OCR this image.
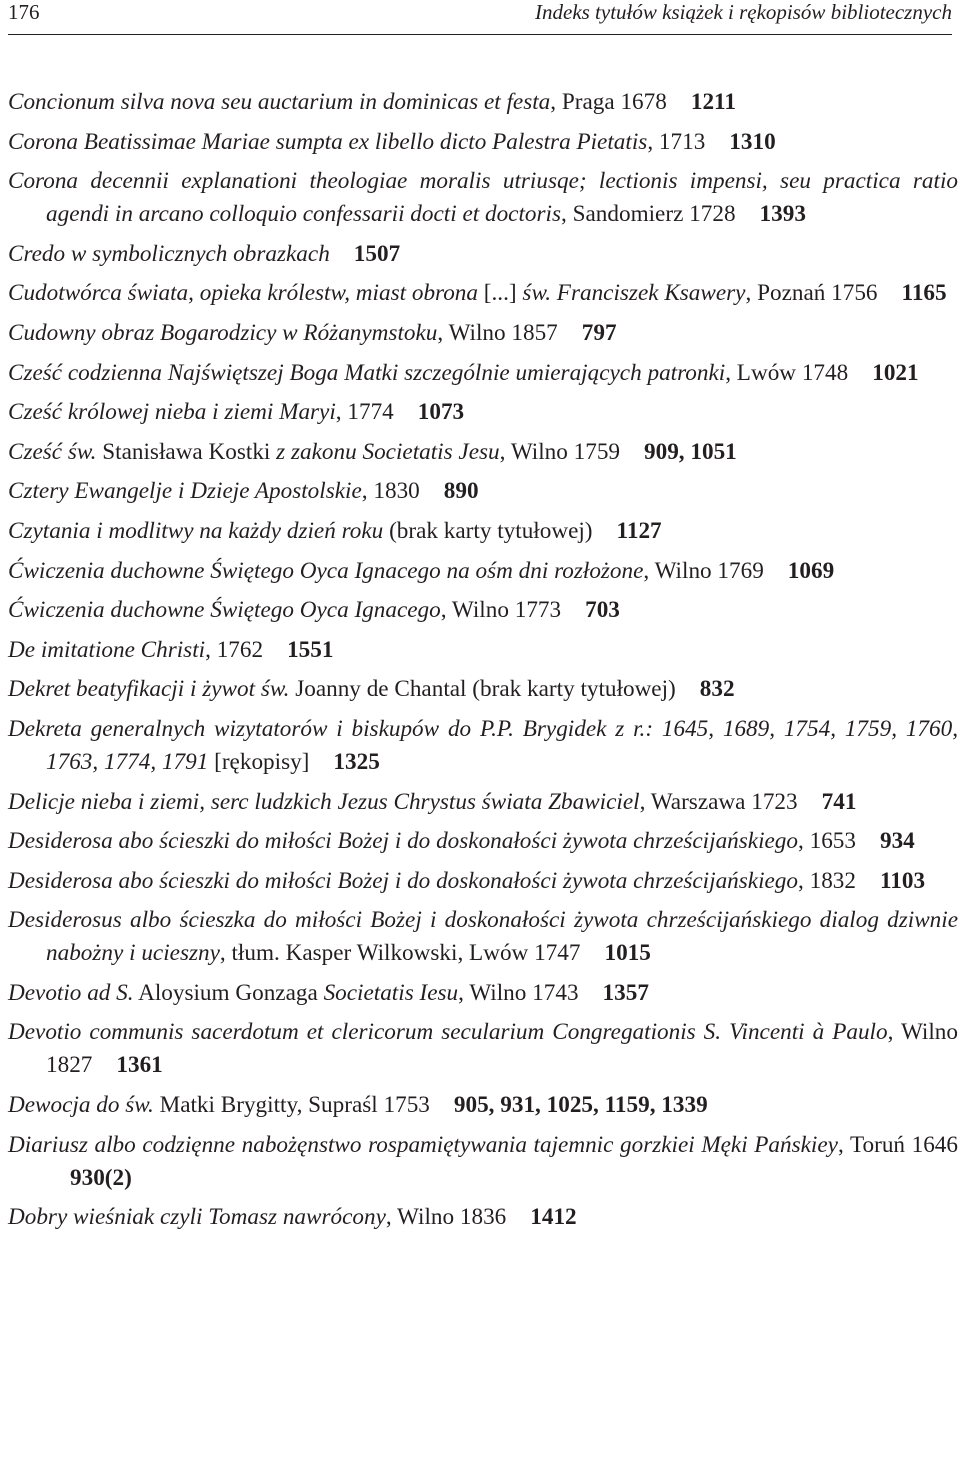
176	Indeks tytułów książek i rękopisów bibliotecznych

Concionum silva nova seu auctarium in dominicas et festa, Praga 1678 1211

Corona Beatissimae Mariae sumpta ex libello dicto Palestra Pietatis, 1713 1310

Corona decennii explanationi theologiae moralis utriusqe; lectionis impensi, seu practica ratio agendi in arcano colloquio confessarii docti et doctoris, Sandomierz 1728 1393

Credo w symbolicznych obrazkach 1507

Cudotwórca świata, opieka królestw, miast obrona [...] św. Franciszek Ksawery, Poznań 1756 1165

Cudowny obraz Bogarodzicy w Różanymstoku, Wilno 1857 797

Cześć codzienna Najświętszej Boga Matki szczególnie umierających patronki, Lwów 1748 1021

Cześć królowej nieba i ziemi Maryi, 1774 1073

Cześć św. Stanisława Kostki z zakonu Societatis Jesu, Wilno 1759 909, 1051

Cztery Ewangelje i Dzieje Apostolskie, 1830 890

Czytania i modlitwy na każdy dzień roku (brak karty tytułowej) 1127

Ćwiczenia duchowne Świętego Oyca Ignacego na ośm dni rozłożone, Wilno 1769 1069

Ćwiczenia duchowne Świętego Oyca Ignacego, Wilno 1773 703

De imitatione Christi, 1762 1551

Dekret beatyfikacji i żywot św. Joanny de Chantal (brak karty tytułowej) 832

Dekreta generalnych wizytatorów i biskupów do P.P. Brygidek z r.: 1645, 1689, 1754, 1759, 1760, 1763, 1774, 1791 [rękopisy] 1325

Delicje nieba i ziemi, serc ludzkich Jezus Chrystus świata Zbawiciel, Warszawa 1723 741

Desiderosa abo ścieszki do miłości Bożej i do doskonałości żywota chrześcijańskiego, 1653 934

Desiderosa abo ścieszki do miłości Bożej i do doskonałości żywota chrześcijańskiego, 1832 1103

Desiderosus albo ścieszka do miłości Bożej i doskonałości żywota chrześcijańskiego dialog dziwnie nabożny i ucieszny, tłum. Kasper Wilkowski, Lwów 1747 1015

Devotio ad S. Aloysium Gonzaga Societatis Iesu, Wilno 1743 1357

Devotio communis sacerdotum et clericorum secularium Congregationis S. Vincenti à Paulo, Wilno 1827 1361

Dewocja do św. Matki Brygitty, Supraśl 1753 905, 931, 1025, 1159, 1339

Diariusz albo codzięnne nabożęnstwo rospamiętywania tajemnic gorzkiei Męki Pańskiey, Toruń 1646930(2)

Dobry wieśniak czyli Tomasz nawrócony, Wilno 1836 1412
